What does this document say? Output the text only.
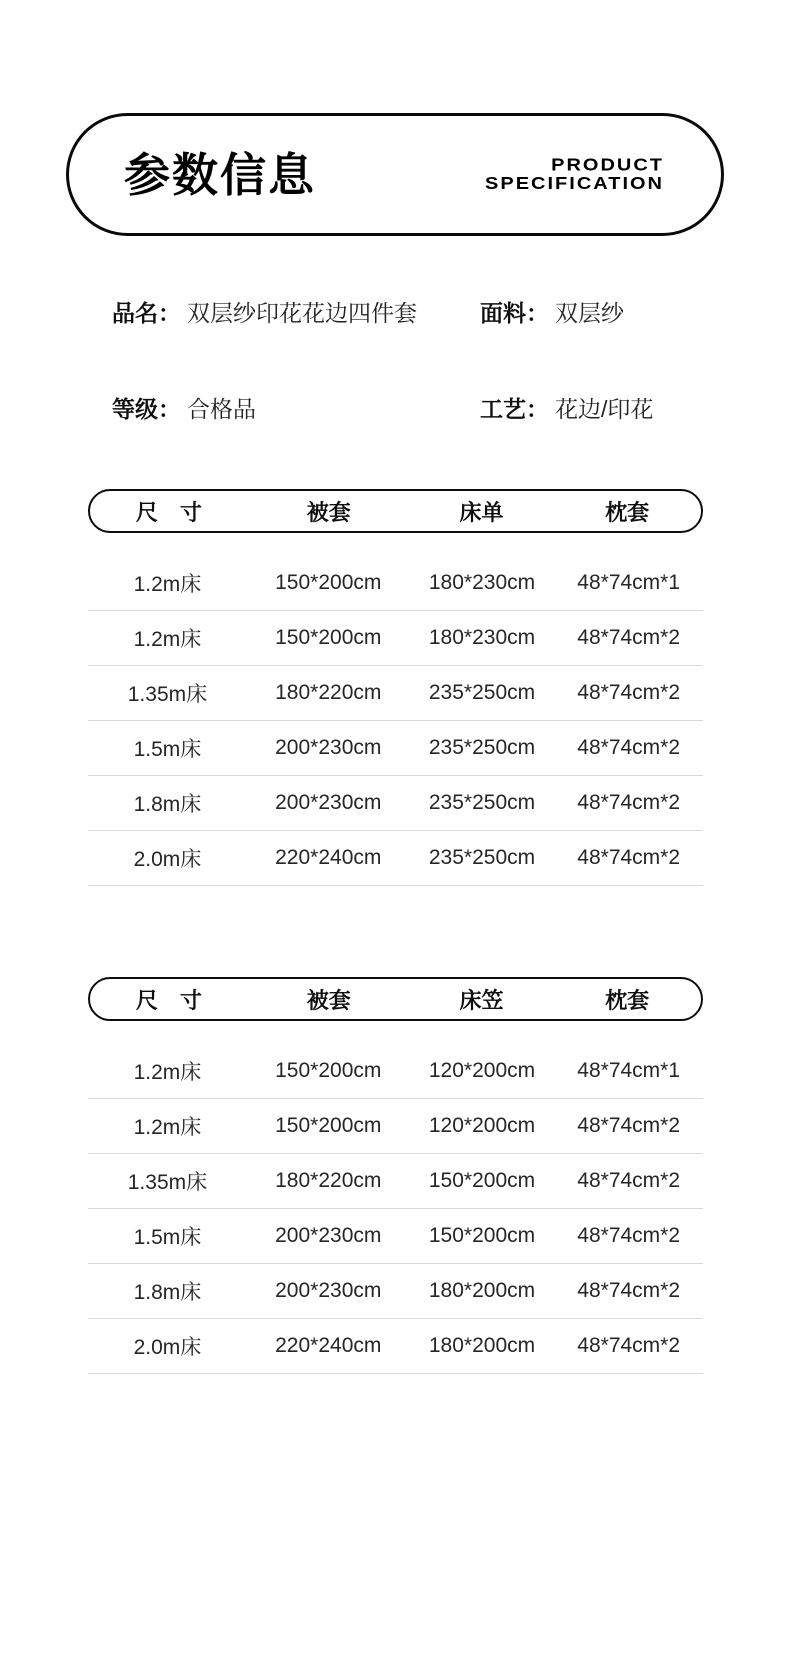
参数信息	PRODUCT
SPECIFICATION
品名： 双层纱印花花边四件套	面料： 双层纱
等级： 合格品	工艺： 花边/印花
尺　寸	被套	床单	枕套
1.2m床	150*200cm	180*230cm	48*74cm*1
1.2m床	150*200cm	180*230cm	48*74cm*2
1.35m床	180*220cm	235*250cm	48*74cm*2
1.5m床	200*230cm	235*250cm	48*74cm*2
1.8m床	200*230cm	235*250cm	48*74cm*2
2.0m床	220*240cm	235*250cm	48*74cm*2
尺　寸	被套	床笠	枕套
1.2m床	150*200cm	120*200cm	48*74cm*1
1.2m床	150*200cm	120*200cm	48*74cm*2
1.35m床	180*220cm	150*200cm	48*74cm*2
1.5m床	200*230cm	150*200cm	48*74cm*2
1.8m床	200*230cm	180*200cm	48*74cm*2
2.0m床	220*240cm	180*200cm	48*74cm*2
